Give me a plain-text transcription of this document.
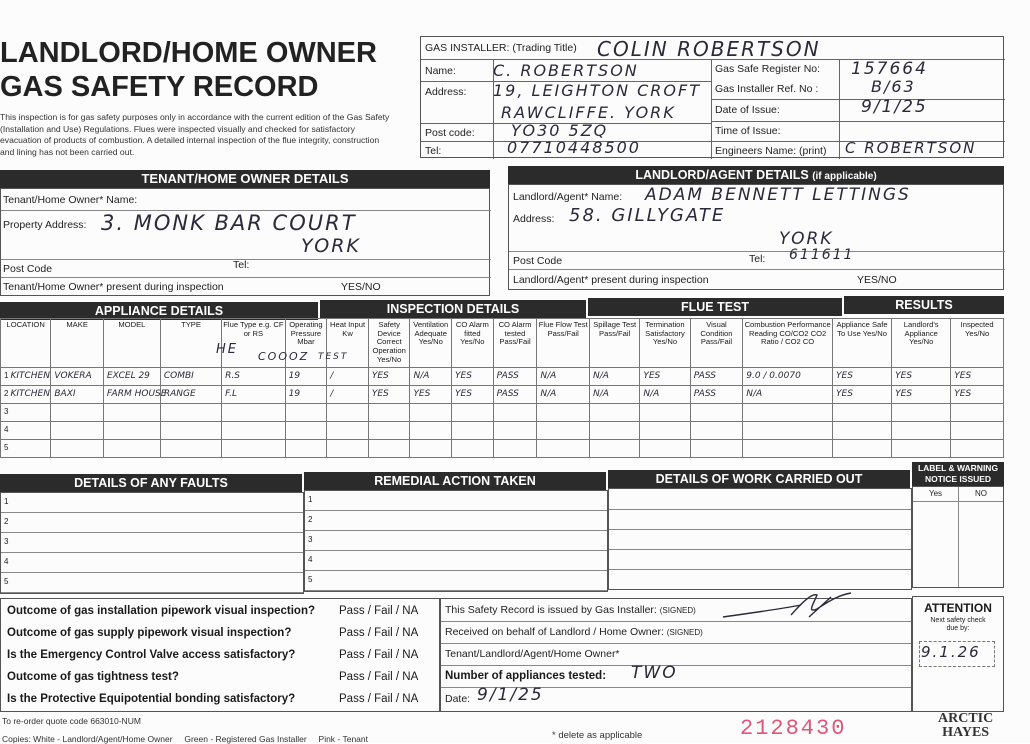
LANDLORD/HOME OWNER
GAS SAFETY RECORD
This inspection is for gas safety purposes only in accordance with the current edition of the Gas Safety (Installation and Use) Regulations. Flues were inspected visually and checked for satisfactory evacuation of products of combustion. A detailed internal inspection of the flue integrity, construction and lining has not been carried out.
GAS INSTALLER: (Trading Title) COLIN ROBERTSON
Name: C. ROBERTSON
Address: 19, LEIGHTON CROFT
RAWCLIFFE. YORK
Post code: YO30 5ZQ
Tel:	07710448500
Gas Safe Register No: 157664
Gas Installer Ref. No :	B/63
Date of Issue:	9/1/25
Time of Issue:
Engineers Name: (print) C ROBERTSON
TENANT/HOME OWNER DETAILS
Tenant/Home Owner* Name:
Property Address: 3. MONK BAR COURT
YORK
Post Code	Tel:
Tenant/Home Owner* present during inspection	YES/NO
LANDLORD/AGENT DETAILS (if applicable)
Landlord/Agent* Name: ADAM BENNETT LETTINGS
Address: 58. GILLYGATE
YORK
Post Code	Tel: 611611
Landlord/Agent* present during inspection	YES/NO
APPLIANCE DETAILS	INSPECTION DETAILS	FLUE TEST	RESULTS
LOCATION	MAKE	MODEL	TYPE	Flue Type e.g. CF or RS	Operating Pressure Mbar	Heat Input Kw	Safety Device Correct Operation Yes/No	Ventilation Adequate Yes/No	CO Alarm fitted Yes/No	CO Alarm tested Pass/Fail	Flue Flow Test Pass/Fail	Spillage Test Pass/Fail	Termination Satisfactory Yes/No	Visual Condition Pass/Fail	Combustion Performance Reading CO/CO2 CO2 Ratio / CO2 CO	Appliance Safe To Use Yes/No	Landlord's Appliance Yes/No	Inspected Yes/No
1 KITCHEN	VOKERA	EXCEL 29	COMBI	R.S	19	/	YES	N/A	YES	PASS	N/A	N/A	YES	PASS	9.0 / 0.0070	YES	YES	YES
2 KITCHEN	BAXI	FARM HOUSE	RANGE	F.L	19	/	YES	YES	YES	PASS	N/A	N/A	N/A	PASS	N/A	YES	YES	YES
3																		
4																		
5																		
HE COOOZ TEST
DETAILS OF ANY FAULTS	REMEDIAL ACTION TAKEN	DETAILS OF WORK CARRIED OUT
LABEL & WARNING NOTICE ISSUED
1
2
3
4
5
1
2
3
4
5
Yes	NO
Outcome of gas installation pipework visual inspection? Pass / Fail / NA
Outcome of gas supply pipework visual inspection?	Pass / Fail / NA
Is the Emergency Control Valve access satisfactory?	Pass / Fail / NA
Outcome of gas tightness test?	Pass / Fail / NA
Is the Protective Equipotential bonding satisfactory?	Pass / Fail / NA
This Safety Record is issued by Gas Installer: (SIGNED)
Received on behalf of Landlord / Home Owner: (SIGNED)
Tenant/Landlord/Agent/Home Owner*
Number of appliances tested: TWO
Date: 9/1/25
ATTENTION
Next safety check due by:
9.1.26
To re-order quote code 663010-NUM
Copies: White - Landlord/Agent/Home Owner     Green - Registered Gas Installer     Pink - Tenant	* delete as applicable	2128430	ARCTIC
HAYES
